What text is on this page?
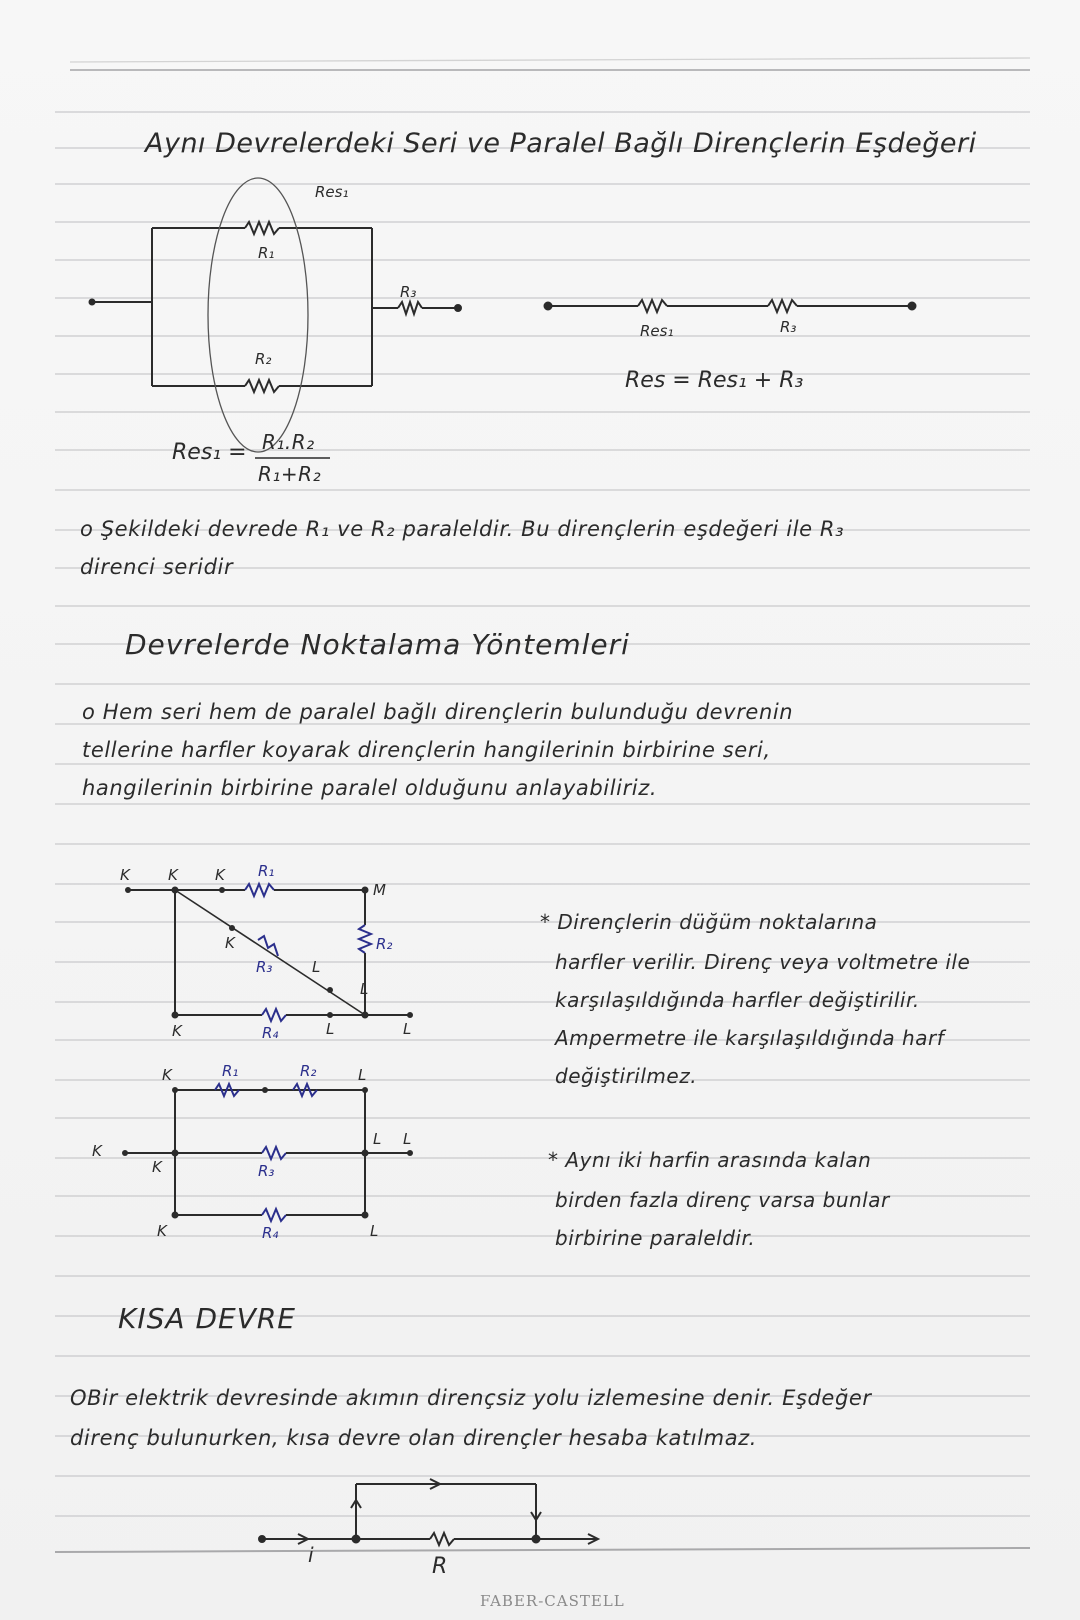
Aynı Devrelerdeki Seri ve Paralel Bağlı Dirençlerin Eşdeğeri
Res₁
R₁
R₂
R₃
Res₁	R₃
Res = Res₁ + R₃
Res₁ = R₁.R₂
R₁+R₂
o Şekildeki devrede R₁ ve R₂ paraleldir. Bu dirençlerin eşdeğeri ile R₃
direnci seridir
Devrelerde Noktalama Yöntemleri
o Hem seri hem de paralel bağlı dirençlerin bulunduğu devrenin
tellerine harfler koyarak dirençlerin hangilerinin birbirine seri,
hangilerinin birbirine paralel olduğunu anlayabiliriz.
K	K K R₁
M
R₂
K
R₃	L
L
K	R₄	L	L
K	R₁	R₂	L
K
K	R₃
L L
K	R₄	L
* Dirençlerin düğüm noktalarına
harfler verilir. Direnç veya voltmetre ile
karşılaşıldığında harfler değiştirilir.
Ampermetre ile karşılaşıldığında harf
değiştirilmez.
* Aynı iki harfin arasında kalan
birden fazla direnç varsa bunlar
birbirine paraleldir.
KISA DEVRE
OBir elektrik devresinde akımın dirençsiz yolu izlemesine denir. Eşdeğer
direnç bulunurken, kısa devre olan dirençler hesaba katılmaz.
i	R
FABER-CASTELL
